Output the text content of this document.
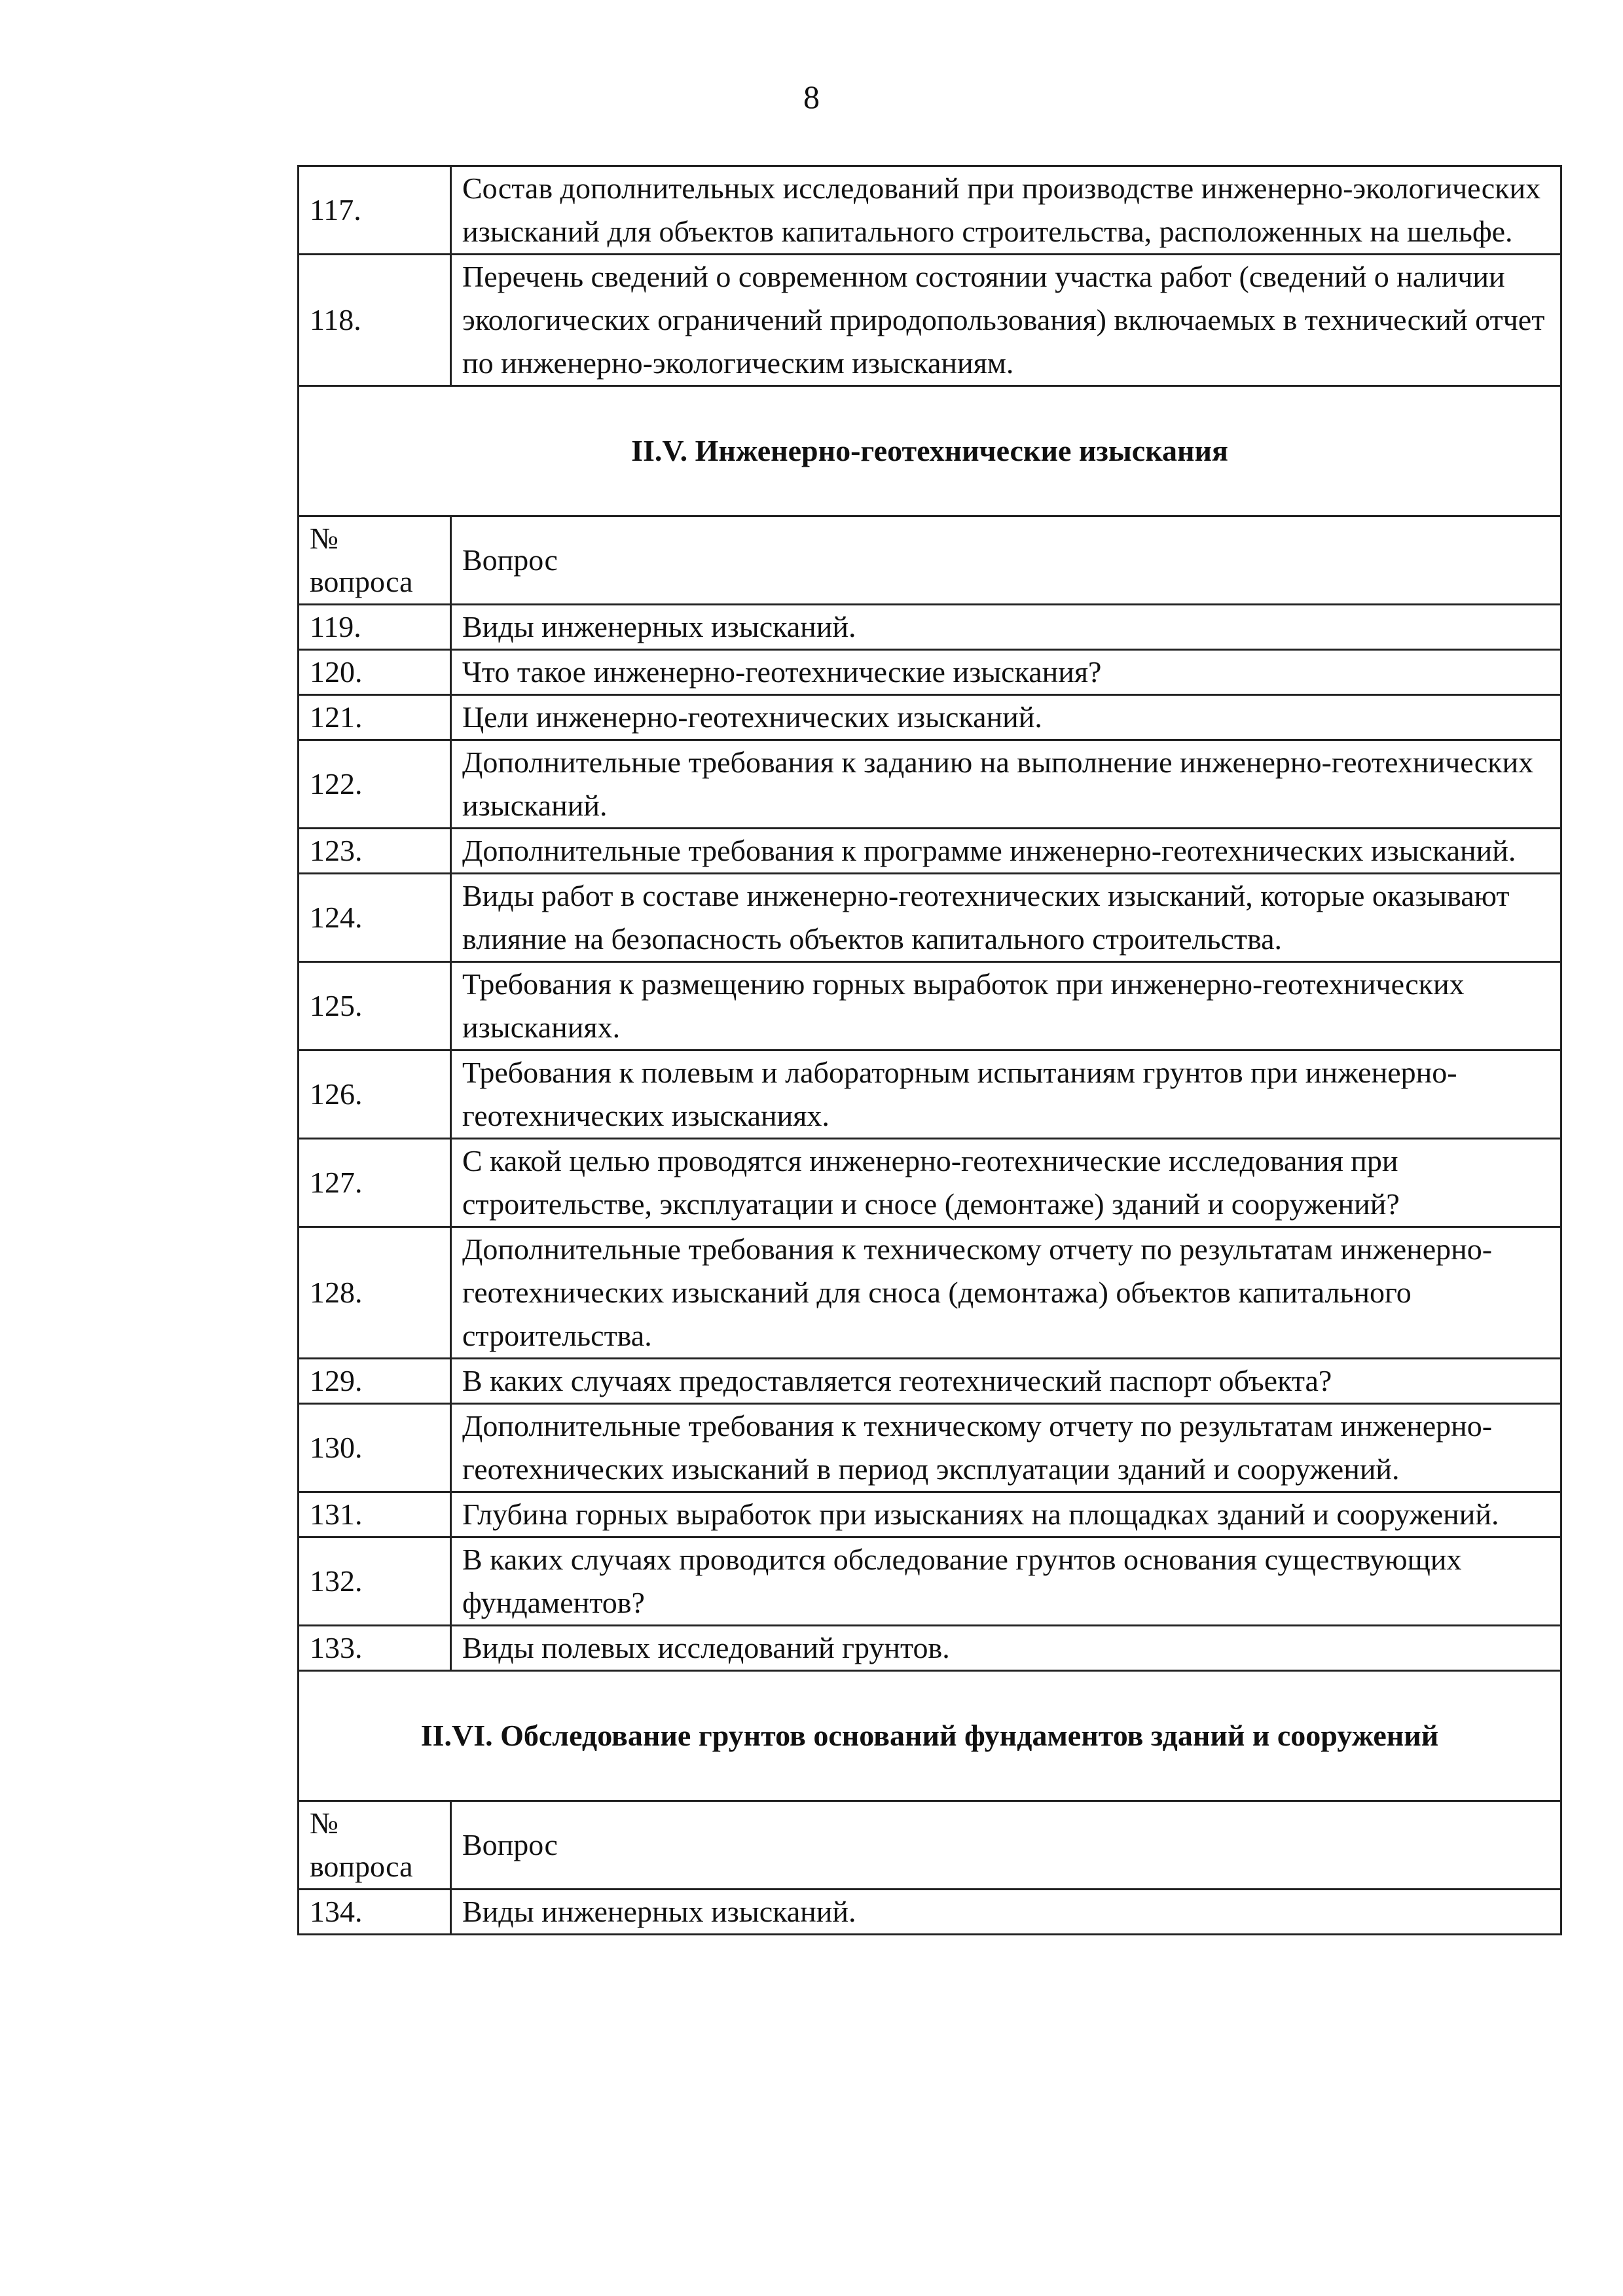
8
117.	Состав дополнительных исследований при производстве инженерно-экологических изысканий для объектов капитального строительства, расположенных на шельфе.
118.	Перечень сведений о современном состоянии участка работ (сведений о наличии экологических ограничений природопользования) включаемых в технический отчет по инженерно-экологическим изысканиям.
II.V. Инженерно-геотехнические изыскания	
№ вопроса	Вопрос
119.	Виды инженерных изысканий.
120.	Что такое инженерно-геотехнические изыскания?
121.	Цели инженерно-геотехнических изысканий.
122.	Дополнительные требования к заданию на выполнение инженерно-геотехнических изысканий.
123.	Дополнительные требования к программе инженерно-геотехнических изысканий.
124.	Виды работ в составе инженерно-геотехнических изысканий, которые оказывают влияние на безопасность объектов капитального строительства.
125.	Требования к размещению горных выработок при инженерно-геотехнических изысканиях.
126.	Требования к полевым и лабораторным испытаниям грунтов при инженерно-геотехнических изысканиях.
127.	С какой целью проводятся инженерно-геотехнические исследования при строительстве, эксплуатации и сносе (демонтаже) зданий и сооружений?
128.	Дополнительные требования к техническому отчету по результатам инженерно-геотехнических изысканий для сноса (демонтажа) объектов капитального строительства.
129.	В каких случаях предоставляется геотехнический паспорт объекта?
130.	Дополнительные требования к техническому отчету по результатам инженерно-геотехнических изысканий в период эксплуатации зданий и сооружений.
131.	Глубина горных выработок при изысканиях на площадках зданий и сооружений.
132.	В каких случаях проводится обследование грунтов основания существующих фундаментов?
133.	Виды полевых исследований грунтов.
II.VI. Обследование грунтов оснований фундаментов зданий и сооружений	
№ вопроса	Вопрос
134.	Виды инженерных изысканий.
